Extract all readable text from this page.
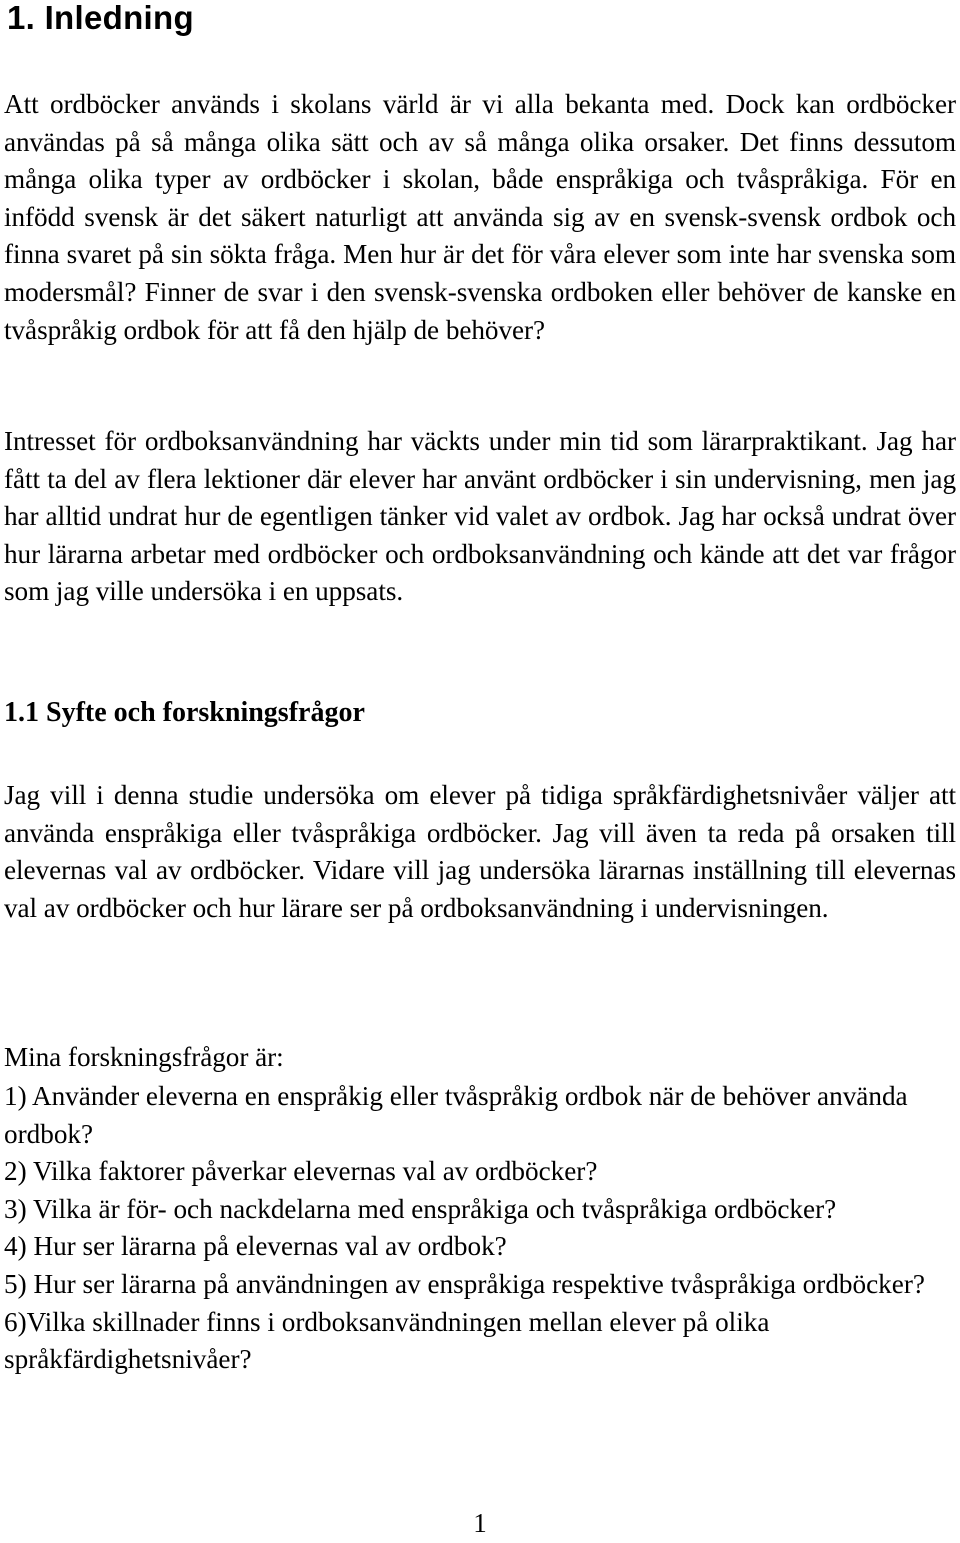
1. Inledning

Att ordböcker används i skolans värld är vi alla bekanta med. Dock kan ordböcker användas på så många olika sätt och av så många olika orsaker. Det finns dessutom många olika typer av ordböcker i skolan, både enspråkiga och tvåspråkiga. För en infödd svensk är det säkert naturligt att använda sig av en svensk-svensk ordbok och finna svaret på sin sökta fråga. Men hur är det för våra elever som inte har svenska som modersmål? Finner de svar i den svensk-svenska ordboken eller behöver de kanske en tvåspråkig ordbok för att få den hjälp de behöver?

Intresset för ordboksanvändning har väckts under min tid som lärarpraktikant. Jag har fått ta del av flera lektioner där elever har använt ordböcker i sin undervisning, men jag har alltid undrat hur de egentligen tänker vid valet av ordbok. Jag har också undrat över hur lärarna arbetar med ordböcker och ordboksanvändning och kände att det var frågor som jag ville undersöka i en uppsats.

1.1 Syfte och forskningsfrågor

Jag vill i denna studie undersöka om elever på tidiga språkfärdighetsnivåer väljer att använda enspråkiga eller tvåspråkiga ordböcker. Jag vill även ta reda på orsaken till elevernas val av ordböcker. Vidare vill jag undersöka lärarnas inställning till elevernas val av ordböcker och hur lärare ser på ordboksanvändning i undervisningen.

Mina forskningsfrågor är:

1) Använder eleverna en enspråkig eller tvåspråkig ordbok när de behöver använda ordbok?
2) Vilka faktorer påverkar elevernas val av ordböcker?
3) Vilka är för- och nackdelarna med enspråkiga och tvåspråkiga ordböcker?
4) Hur ser lärarna på elevernas val av ordbok?
5) Hur ser lärarna på användningen av enspråkiga respektive tvåspråkiga ordböcker?
6)Vilka skillnader finns i ordboksanvändningen mellan elever på olika språkfärdighetsnivåer?
1
